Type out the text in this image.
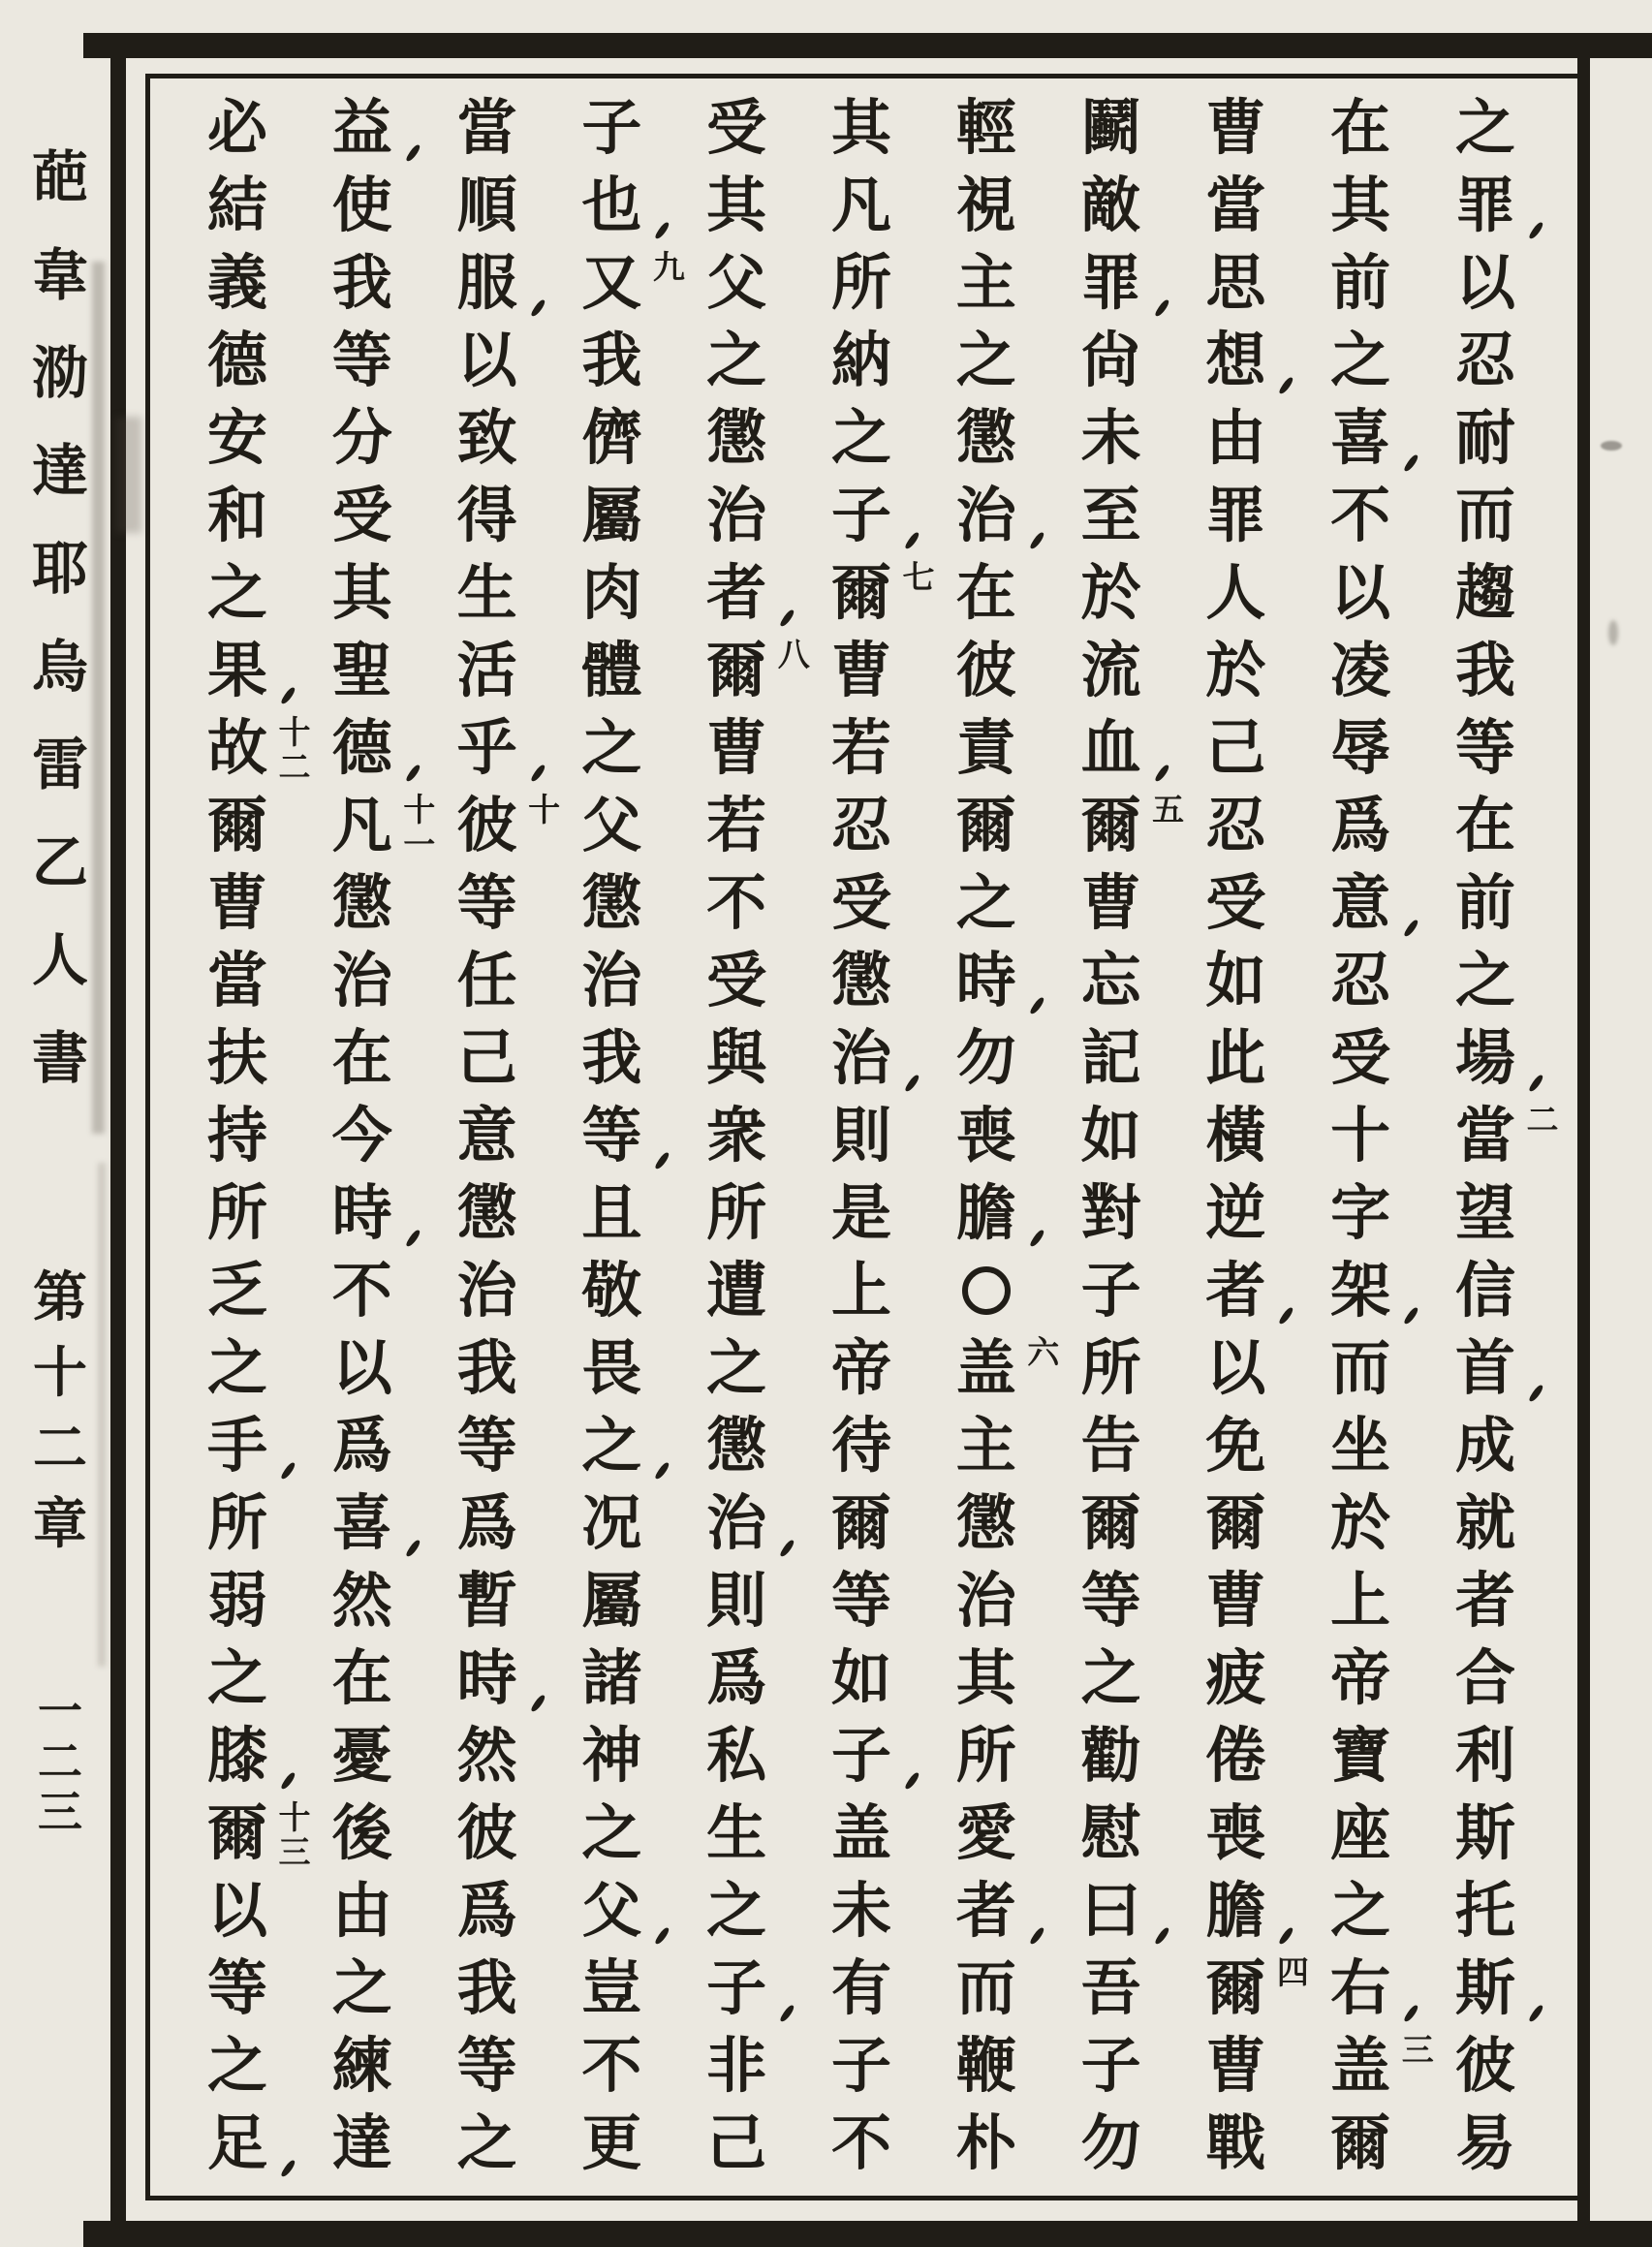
之
罪
以
忍
耐
而
趨
我
等
在
前
之
場
當
望
信
首
成
就
者
合
利
斯
托
斯
彼
易
二
在
其
前
之
喜
不
以
凌
辱
爲
意
忍
受
十
字
架
而
坐
於
上
帝
寶
座
之
右
盖
爾
三
曹
當
思
想
由
罪
人
於
己
忍
受
如
此
橫
逆
者
以
免
爾
曹
疲
倦
喪
膽
爾
曹
戰
四
鬬
敵
罪
尙
未
至
於
流
血
爾
曹
忘
記
如
對
子
所
告
爾
等
之
勸
慰
曰
吾
子
勿
五
輕
視
主
之
懲
治
在
彼
責
爾
之
時
勿
喪
膽
盖
主
懲
治
其
所
愛
者
而
鞭
朴
六
其
凡
所
納
之
子
爾
曹
若
忍
受
懲
治
則
是
上
帝
待
爾
等
如
子
盖
未
有
子
不
七
受
其
父
之
懲
治
者
爾
曹
若
不
受
與
衆
所
遭
之
懲
治
則
爲
私
生
之
子
非
己
八
子
也
又
我
儕
屬
肉
體
之
父
懲
治
我
等
且
敬
畏
之
况
屬
諸
神
之
父
豈
不
更
九
當
順
服
以
致
得
生
活
乎
彼
等
任
己
意
懲
治
我
等
爲
暫
時
然
彼
爲
我
等
之
十
益
使
我
等
分
受
其
聖
德
凡
懲
治
在
今
時
不
以
爲
喜
然
在
憂
後
由
之
練
達
十
一
必
結
義
德
安
和
之
果
故
爾
曹
當
扶
持
所
乏
之
手
所
弱
之
膝
爾
以
等
之
足
十
二
十
三
葩
韋
泐
達
耶
烏
雷
乙
人
書
第
十
二
章
一
二
三
